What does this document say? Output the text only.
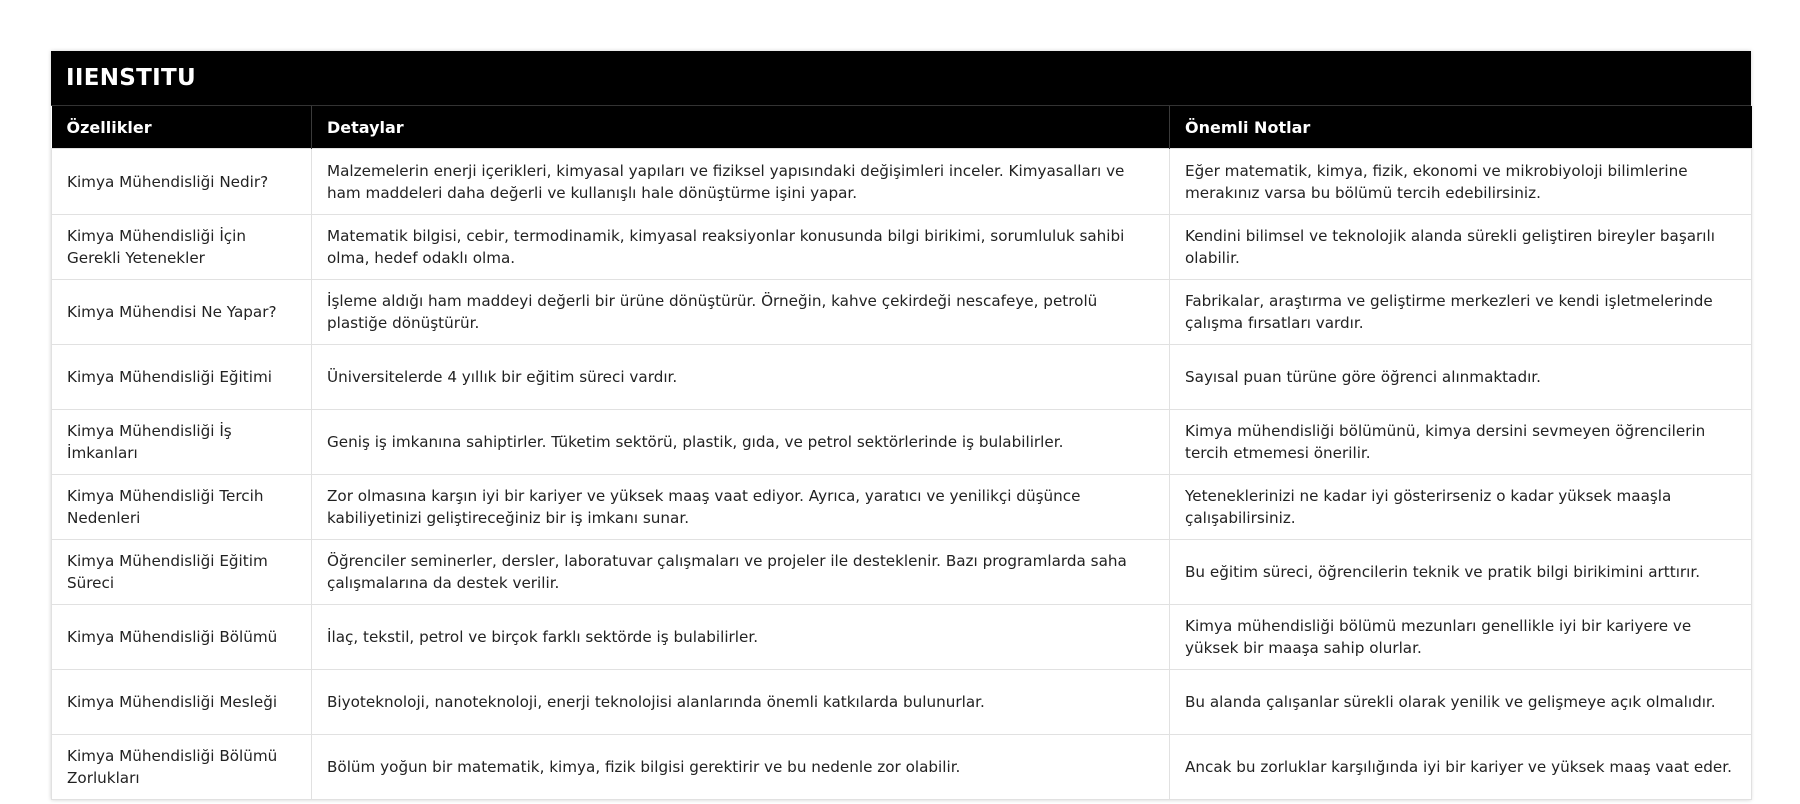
IIENSTITU
Özellikler	Detaylar	Önemli Notlar
Kimya Mühendisliği Nedir?	Malzemelerin enerji içerikleri, kimyasal yapıları ve fiziksel yapısındaki değişimleri inceler. Kimyasalları ve ham maddeleri daha değerli ve kullanışlı hale dönüştürme işini yapar.	Eğer matematik, kimya, fizik, ekonomi ve mikrobiyoloji bilimlerine merakınız varsa bu bölümü tercih edebilirsiniz.
Kimya Mühendisliği İçin Gerekli Yetenekler	Matematik bilgisi, cebir, termodinamik, kimyasal reaksiyonlar konusunda bilgi birikimi, sorumluluk sahibi olma, hedef odaklı olma.	Kendini bilimsel ve teknolojik alanda sürekli geliştiren bireyler başarılı olabilir.
Kimya Mühendisi Ne Yapar?	İşleme aldığı ham maddeyi değerli bir ürüne dönüştürür. Örneğin, kahve çekirdeği nescafeye, petrolü plastiğe dönüştürür.	Fabrikalar, araştırma ve geliştirme merkezleri ve kendi işletmelerinde çalışma fırsatları vardır.
Kimya Mühendisliği Eğitimi	Üniversitelerde 4 yıllık bir eğitim süreci vardır.	Sayısal puan türüne göre öğrenci alınmaktadır.
Kimya Mühendisliği İş İmkanları	Geniş iş imkanına sahiptirler. Tüketim sektörü, plastik, gıda, ve petrol sektörlerinde iş bulabilirler.	Kimya mühendisliği bölümünü, kimya dersini sevmeyen öğrencilerin tercih etmemesi önerilir.
Kimya Mühendisliği Tercih Nedenleri	Zor olmasına karşın iyi bir kariyer ve yüksek maaş vaat ediyor. Ayrıca, yaratıcı ve yenilikçi düşünce kabiliyetinizi geliştireceğiniz bir iş imkanı sunar.	Yeteneklerinizi ne kadar iyi gösterirseniz o kadar yüksek maaşla çalışabilirsiniz.
Kimya Mühendisliği Eğitim Süreci	Öğrenciler seminerler, dersler, laboratuvar çalışmaları ve projeler ile desteklenir. Bazı programlarda saha çalışmalarına da destek verilir.	Bu eğitim süreci, öğrencilerin teknik ve pratik bilgi birikimini arttırır.
Kimya Mühendisliği Bölümü	İlaç, tekstil, petrol ve birçok farklı sektörde iş bulabilirler.	Kimya mühendisliği bölümü mezunları genellikle iyi bir kariyere ve yüksek bir maaşa sahip olurlar.
Kimya Mühendisliği Mesleği	Biyoteknoloji, nanoteknoloji, enerji teknolojisi alanlarında önemli katkılarda bulunurlar.	Bu alanda çalışanlar sürekli olarak yenilik ve gelişmeye açık olmalıdır.
Kimya Mühendisliği Bölümü Zorlukları	Bölüm yoğun bir matematik, kimya, fizik bilgisi gerektirir ve bu nedenle zor olabilir.	Ancak bu zorluklar karşılığında iyi bir kariyer ve yüksek maaş vaat eder.
